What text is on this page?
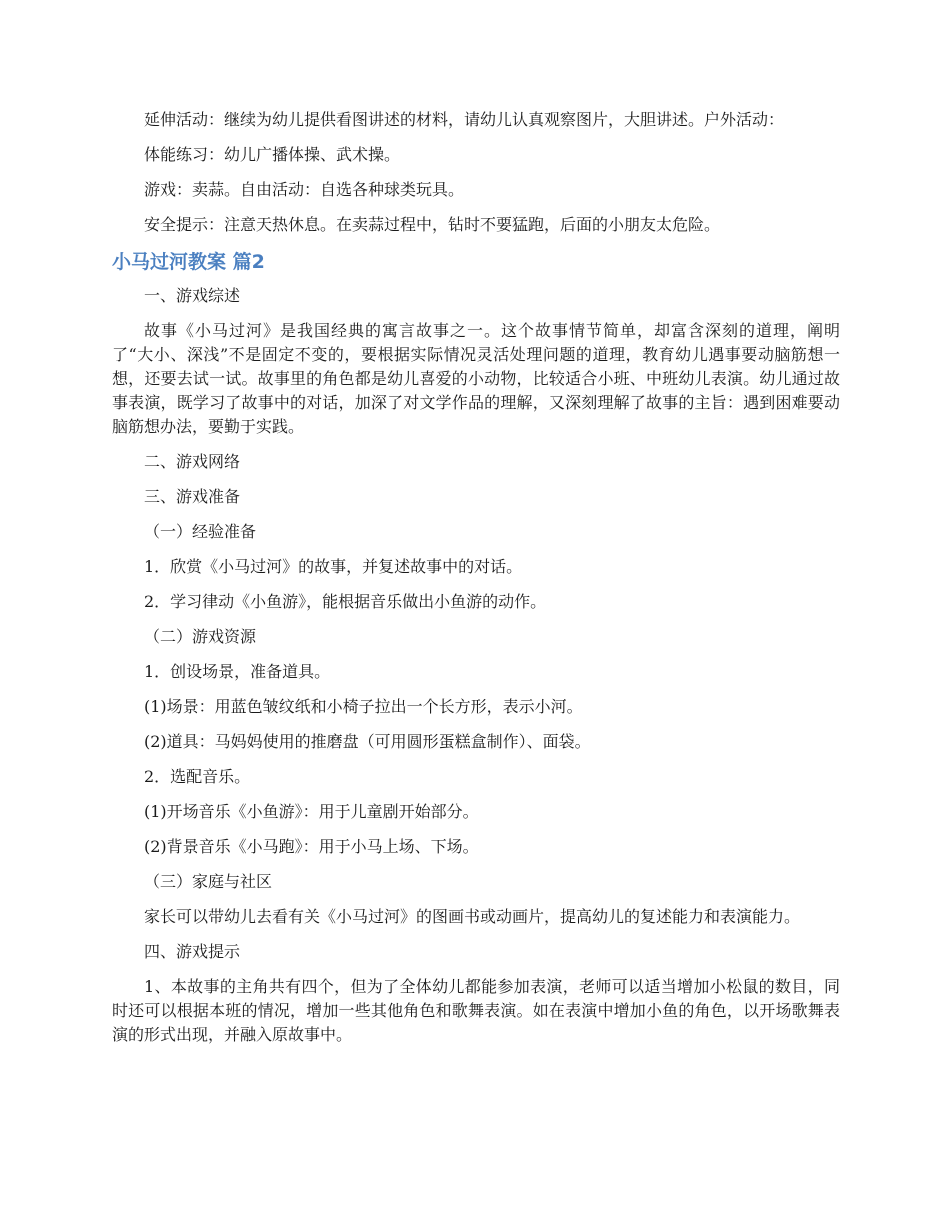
延伸活动：继续为幼儿提供看图讲述的材料，请幼儿认真观察图片，大胆讲述。户外活动：

体能练习：幼儿广播体操、武术操。

游戏：卖蒜。自由活动：自选各种球类玩具。

安全提示：注意天热休息。在卖蒜过程中，钻时不要猛跑，后面的小朋友太危险。

小马过河教案 篇2

一、游戏综述

故事《小马过河》是我国经典的寓言故事之一。这个故事情节简单，却富含深刻的道理，阐明了“大小、深浅”不是固定不变的，要根据实际情况灵活处理问题的道理，教育幼儿遇事要动脑筋想一想，还要去试一试。故事里的角色都是幼儿喜爱的小动物，比较适合小班、中班幼儿表演。幼儿通过故事表演，既学习了故事中的对话，加深了对文学作品的理解，又深刻理解了故事的主旨：遇到困难要动脑筋想办法，要勤于实践。

二、游戏网络

三、游戏准备

（一）经验准备

1．欣赏《小马过河》的故事，并复述故事中的对话。

2．学习律动《小鱼游》，能根据音乐做出小鱼游的动作。

（二）游戏资源

1．创设场景，准备道具。

(1)场景：用蓝色皱纹纸和小椅子拉出一个长方形，表示小河。

(2)道具：马妈妈使用的推磨盘（可用圆形蛋糕盒制作）、面袋。

2．选配音乐。

(1)开场音乐《小鱼游》：用于儿童剧开始部分。

(2)背景音乐《小马跑》：用于小马上场、下场。

（三）家庭与社区

家长可以带幼儿去看有关《小马过河》的图画书或动画片，提高幼儿的复述能力和表演能力。

四、游戏提示

1、本故事的主角共有四个，但为了全体幼儿都能参加表演，老师可以适当增加小松鼠的数目，同时还可以根据本班的情况，增加一些其他角色和歌舞表演。如在表演中增加小鱼的角色，以开场歌舞表演的形式出现，并融入原故事中。
